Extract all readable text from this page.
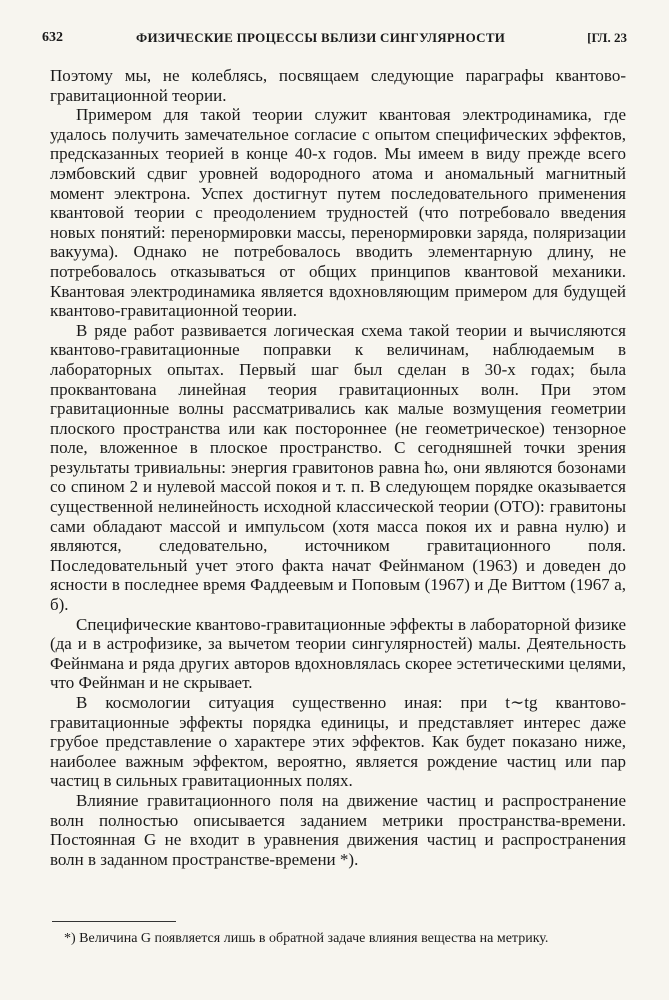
632	ФИЗИЧЕСКИЕ ПРОЦЕССЫ ВБЛИЗИ СИНГУЛЯРНОСТИ	[ГЛ. 23

Поэтому мы, не колеблясь, посвящаем следующие параграфы квантово-гравитационной теории.

Примером для такой теории служит квантовая электродинамика, где удалось получить замечательное согласие с опытом специфических эффектов, предсказанных теорией в конце 40-х годов. Мы имеем в виду прежде всего лэмбовский сдвиг уровней водородного атома и аномальный магнитный момент электрона. Успех достигнут путем последовательного применения квантовой теории с преодолением трудностей (что потребовало введения новых понятий: перенормировки массы, перенормировки заряда, поляризации вакуума). Однако не потребовалось вводить элементарную длину, не потребовалось отказываться от общих принципов квантовой механики. Квантовая электродинамика является вдохновляющим примером для будущей квантово-гравитационной теории.

В ряде работ развивается логическая схема такой теории и вычисляются квантово-гравитационные поправки к величинам, наблюдаемым в лабораторных опытах. Первый шаг был сделан в 30-х годах; была проквантована линейная теория гравитационных волн. При этом гравитационные волны рассматривались как малые возмущения геометрии плоского пространства или как постороннее (не геометрическое) тензорное поле, вложенное в плоское пространство. С сегодняшней точки зрения результаты тривиальны: энергия гравитонов равна ħω, они являются бозонами со спином 2 и нулевой массой покоя и т. п. В следующем порядке оказывается существенной нелинейность исходной классической теории (ОТО): гравитоны сами обладают массой и импульсом (хотя масса покоя их и равна нулю) и являются, следовательно, источником гравитационного поля. Последовательный учет этого факта начат Фейнманом (1963) и доведен до ясности в последнее время Фаддеевым и Поповым (1967) и Де Виттом (1967 а, б).

Специфические квантово-гравитационные эффекты в лабораторной физике (да и в астрофизике, за вычетом теории сингулярностей) малы. Деятельность Фейнмана и ряда других авторов вдохновлялась скорее эстетическими целями, что Фейнман и не скрывает.

В космологии ситуация существенно иная: при t∼tg квантово-гравитационные эффекты порядка единицы, и представляет интерес даже грубое представление о характере этих эффектов. Как будет показано ниже, наиболее важным эффектом, вероятно, является рождение частиц или пар частиц в сильных гравитационных полях.

Влияние гравитационного поля на движение частиц и распространение волн полностью описывается заданием метрики пространства-времени. Постоянная G не входит в уравнения движения частиц и распространения волн в заданном пространстве-времени *).

*) Величина G появляется лишь в обратной задаче влияния вещества на метрику.
